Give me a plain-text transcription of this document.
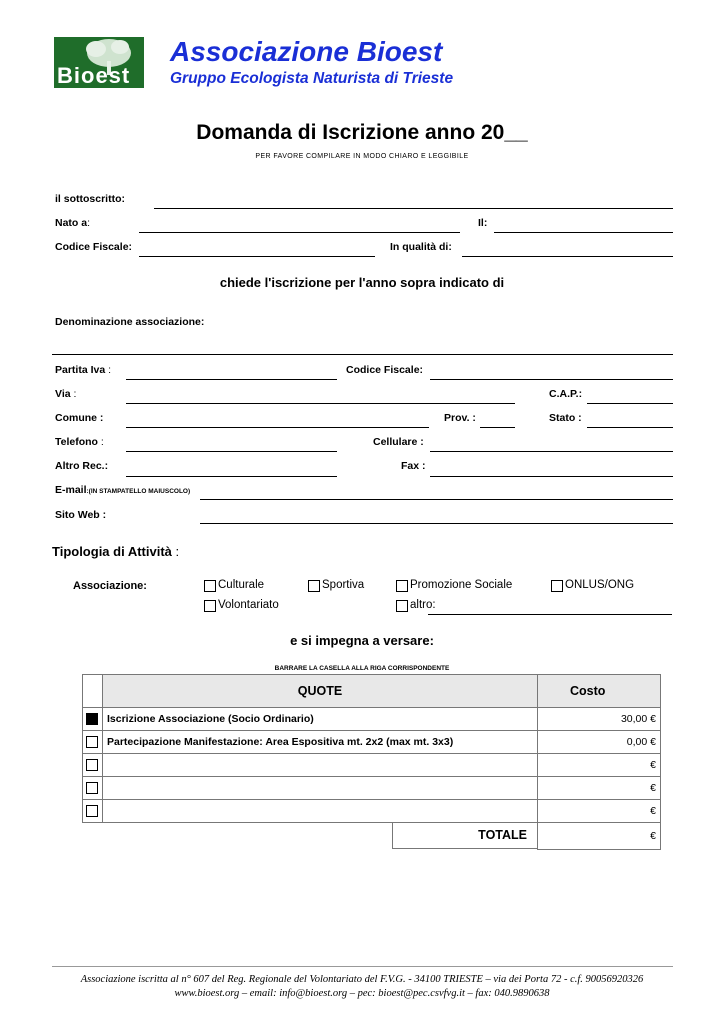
Bioest
Associazione Bioest
Gruppo Ecologista Naturista di Trieste
Domanda di Iscrizione anno 20__
PER FAVORE COMPILARE IN MODO CHIARO E LEGGIBILE
il sottoscritto:
Nato a:	Il:
Codice Fiscale:	In qualità di:
chiede l'iscrizione per l'anno sopra indicato di
Denominazione associazione:
Partita Iva :	Codice Fiscale:
Via :	C.A.P.:
Comune :	Prov. :	Stato :
Telefono :	Cellulare :
Altro Rec.:	Fax :
E-mail:(IN STAMPATELLO MAIUSCOLO)
Sito Web :
Tipologia di Attività :
Associazione:	Culturale	Sportiva	Promozione Sociale	ONLUS/ONG
Volontariato	altro:
e si impegna a versare:
BARRARE LA CASELLA ALLA RIGA CORRISPONDENTE
	QUOTE	Costo
	Iscrizione Associazione (Socio Ordinario)	30,00 €
	Partecipazione Manifestazione: Area Espositiva mt. 2x2 (max mt. 3x3)	0,00 €
		€
		€
		€

TOTALE		€
Associazione iscritta al n° 607 del Reg. Regionale del Volontariato del F.V.G. - 34100 TRIESTE – via dei Porta 72 - c.f. 90056920326
www.bioest.org – email: info@bioest.org – pec: bioest@pec.csvfvg.it – fax: 040.9890638
